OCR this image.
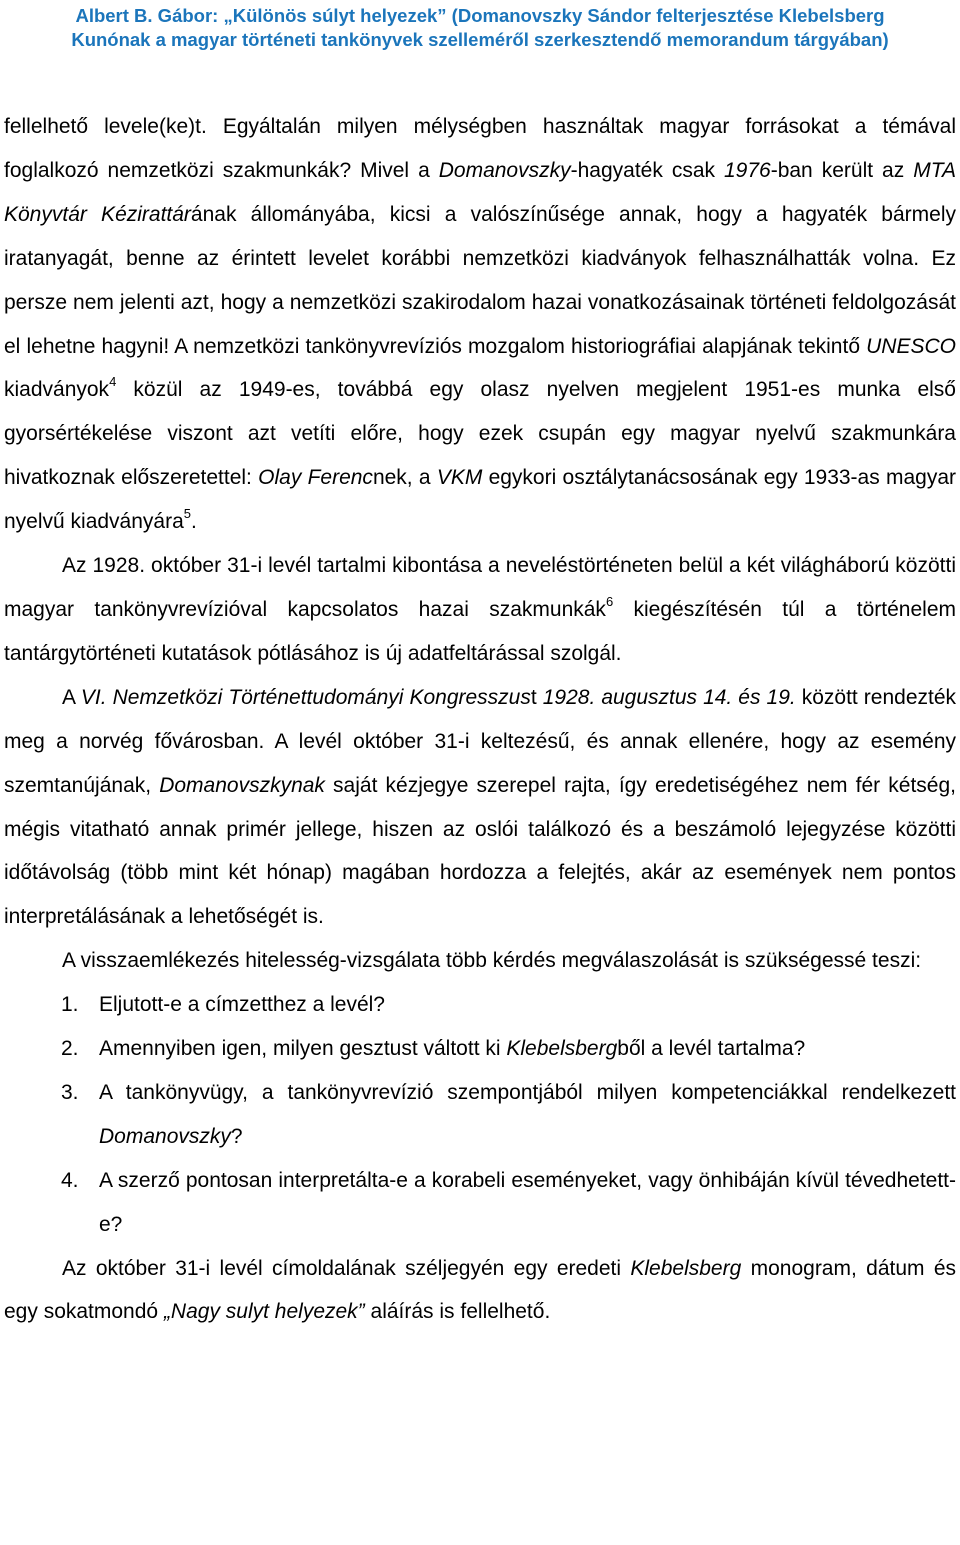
Albert B. Gábor: „Különös súlyt helyezek” (Domanovszky Sándor felterjesztése Klebelsberg
Kunónak a magyar történeti tankönyvek szelleméről szerkesztendő memorandum tárgyában)

fellelhető levele(ke)t. Egyáltalán milyen mélységben használtak magyar forrásokat a témával foglalkozó nemzetközi szakmunkák? Mivel a Domanovszky-hagyaték csak 1976-ban került az MTA Könyvtár Kézirattárának állományába, kicsi a valószínűsége annak, hogy a hagyaték bármely iratanyagát, benne az érintett levelet korábbi nemzetközi kiadványok felhasználhatták volna. Ez persze nem jelenti azt, hogy a nemzetközi szakirodalom hazai vonatkozásainak történeti feldolgozását el lehetne hagyni! A nemzetközi tankönyvrevíziós mozgalom historiográfiai alapjának tekintő UNESCO kiadványok$^4$ közül az 1949-es, továbbá egy olasz nyelven megjelent 1951-es munka első gyorsértékelése viszont azt vetíti előre, hogy ezek csupán egy magyar nyelvű szakmunkára hivatkoznak előszeretettel: Olay Ferencnek, a VKM egykori osztálytanácsosának egy 1933-as magyar nyelvű kiadványára$^5$.

Az 1928. október 31-i levél tartalmi kibontása a neveléstörténeten belül a két világháború közötti magyar tankönyvrevízióval kapcsolatos hazai szakmunkák$^6$ kiegészítésén túl a történelem tantárgytörténeti kutatások pótlásához is új adatfeltárással szolgál.

A VI. Nemzetközi Történettudományi Kongresszust 1928. augusztus 14. és 19. között rendezték meg a norvég fővárosban. A levél október 31-i keltezésű, és annak ellenére, hogy az esemény szemtanújának, Domanovszkynak saját kézjegye szerepel rajta, így eredetiségéhez nem fér kétség, mégis vitatható annak primér jellege, hiszen az oslói találkozó és a beszámoló lejegyzése közötti időtávolság (több mint két hónap) magában hordozza a felejtés, akár az események nem pontos interpretálásának a lehetőségét is.

A visszaemlékezés hitelesség-vizsgálata több kérdés megválaszolását is szükségessé teszi:

1. Eljutott-e a címzetthez a levél?

2. Amennyiben igen, milyen gesztust váltott ki Klebelsbergből a levél tartalma?

3. A tankönyvügy, a tankönyvrevízió szempontjából milyen kompetenciákkal rendelkezett Domanovszky?

4. A szerző pontosan interpretálta-e a korabeli eseményeket, vagy önhibáján kívül tévedhetett-e?

Az október 31-i levél címoldalának széljegyén egy eredeti Klebelsberg monogram, dátum és egy sokatmondó „Nagy sulyt helyezek” aláírás is fellelhető.
